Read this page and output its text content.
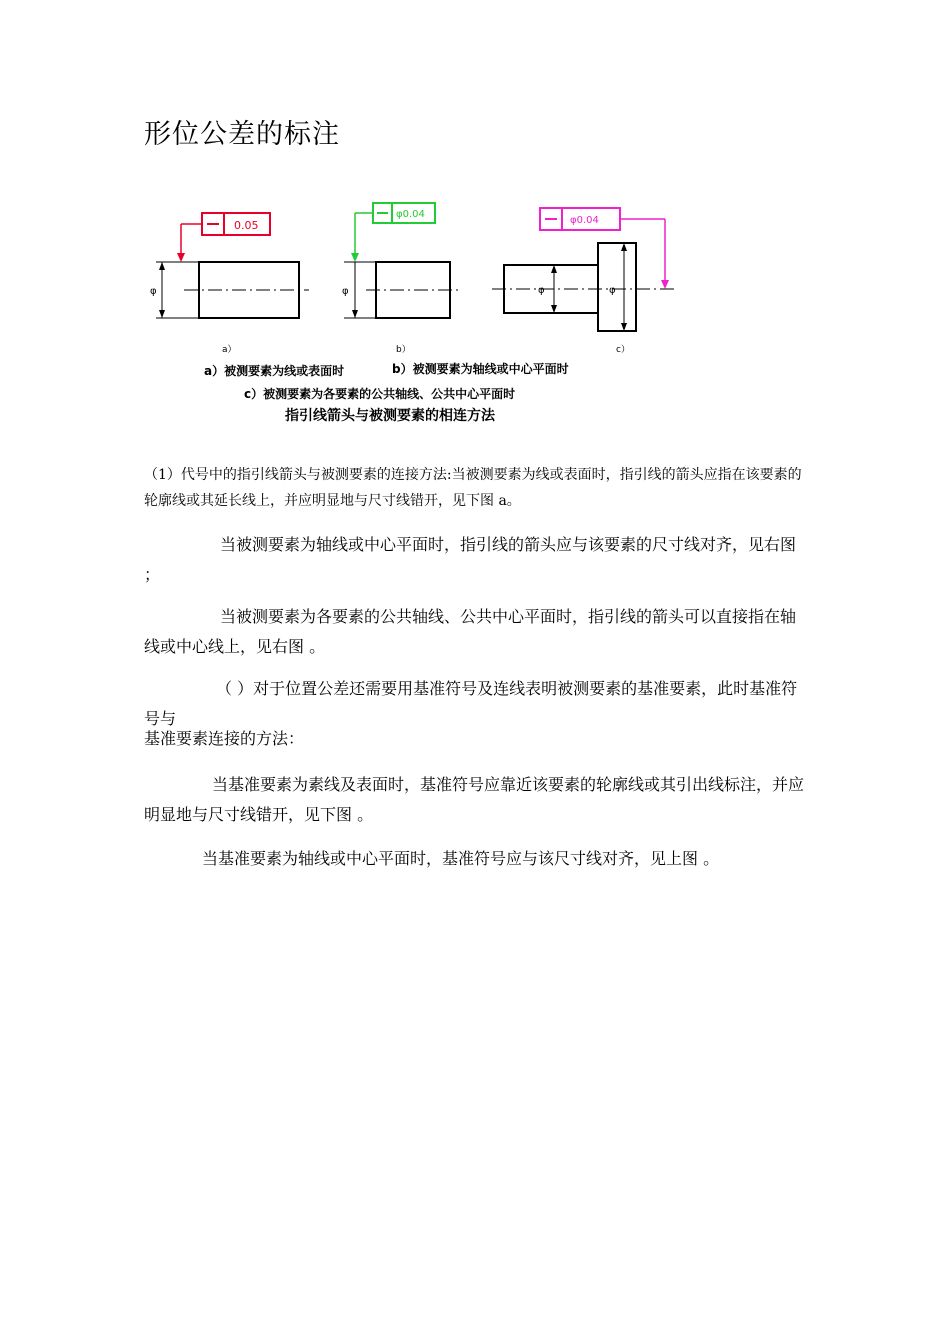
形位公差的标注
φ
0.05
a）
φ
φ0.04
b）
φ	φ
φ0.04
c）
a）被测要素为线或表面时	b）被测要素为轴线或中心平面时
c）被测要素为各要素的公共轴线、公共中心平面时
指引线箭头与被测要素的相连方法
（1）代号中的指引线箭头与被测要素的连接方法:当被测要素为线或表面时，指引线的箭头应指在该要素的轮廓线或其延长线上，并应明显地与尺寸线错开，见下图 a。
当被测要素为轴线或中心平面时，指引线的箭头应与该要素的尺寸线对齐，见右图 ；
当被测要素为各要素的公共轴线、公共中心平面时，指引线的箭头可以直接指在轴线或中心线上，见右图 。
（ ）对于位置公差还需要用基准符号及连线表明被测要素的基准要素，此时基准符号与
基准要素连接的方法：
当基准要素为素线及表面时，基准符号应靠近该要素的轮廓线或其引出线标注，并应明显地与尺寸线错开，见下图 。
当基准要素为轴线或中心平面时，基准符号应与该尺寸线对齐，见上图 。
